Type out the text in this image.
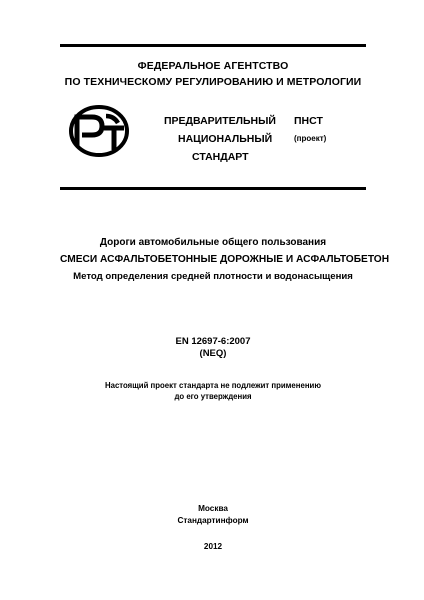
ФЕДЕРАЛЬНОЕ АГЕНТСТВО
ПО ТЕХНИЧЕСКОМУ РЕГУЛИРОВАНИЮ И МЕТРОЛОГИИ
РСТ
ПРЕДВАРИТЕЛЬНЫЙ
НАЦИОНАЛЬНЫЙ
СТАНДАРТ
ПНСТ
(проект)
Дороги автомобильные общего пользования
СМЕСИ АСФАЛЬТОБЕТОННЫЕ ДОРОЖНЫЕ И АСФАЛЬТОБЕТОН
Метод определения средней плотности и водонасыщения
EN 12697-6:2007
(NEQ)
Настоящий проект стандарта не подлежит применению
до его утверждения
Москва
Стандартинформ
2012
